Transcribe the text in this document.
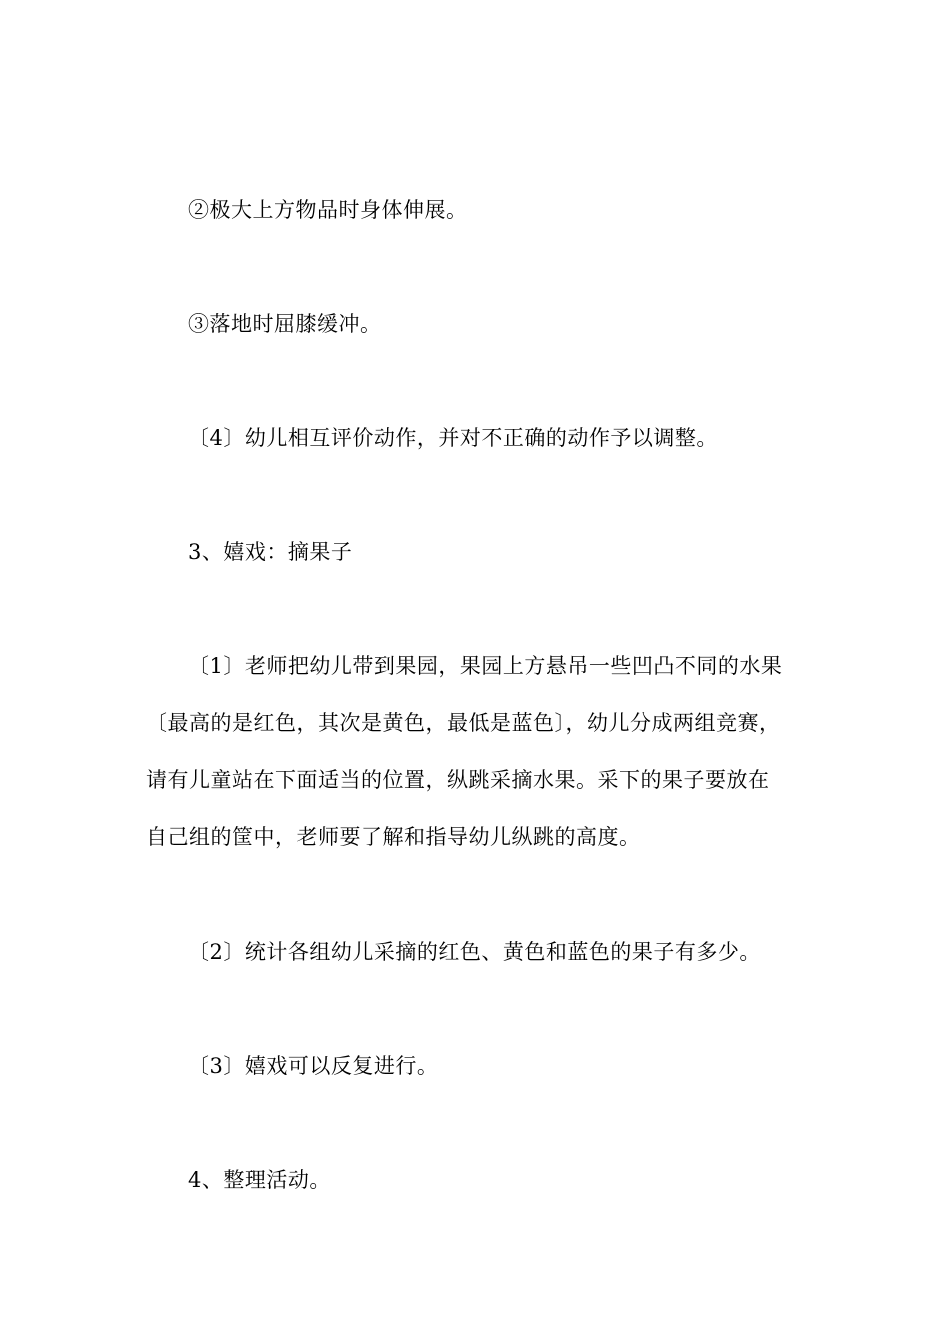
②极大上方物品时身体伸展。
③落地时屈膝缓冲。
〔4〕幼儿相互评价动作，并对不正确的动作予以调整。
3、嬉戏：摘果子
〔1〕老师把幼儿带到果园，果园上方悬吊一些凹凸不同的水果
〔最高的是红色，其次是黄色，最低是蓝色〕，幼儿分成两组竞赛，
请有儿童站在下面适当的位置，纵跳采摘水果。采下的果子要放在
自己组的筐中，老师要了解和指导幼儿纵跳的高度。
〔2〕统计各组幼儿采摘的红色、黄色和蓝色的果子有多少。
〔3〕嬉戏可以反复进行。
4、整理活动。
